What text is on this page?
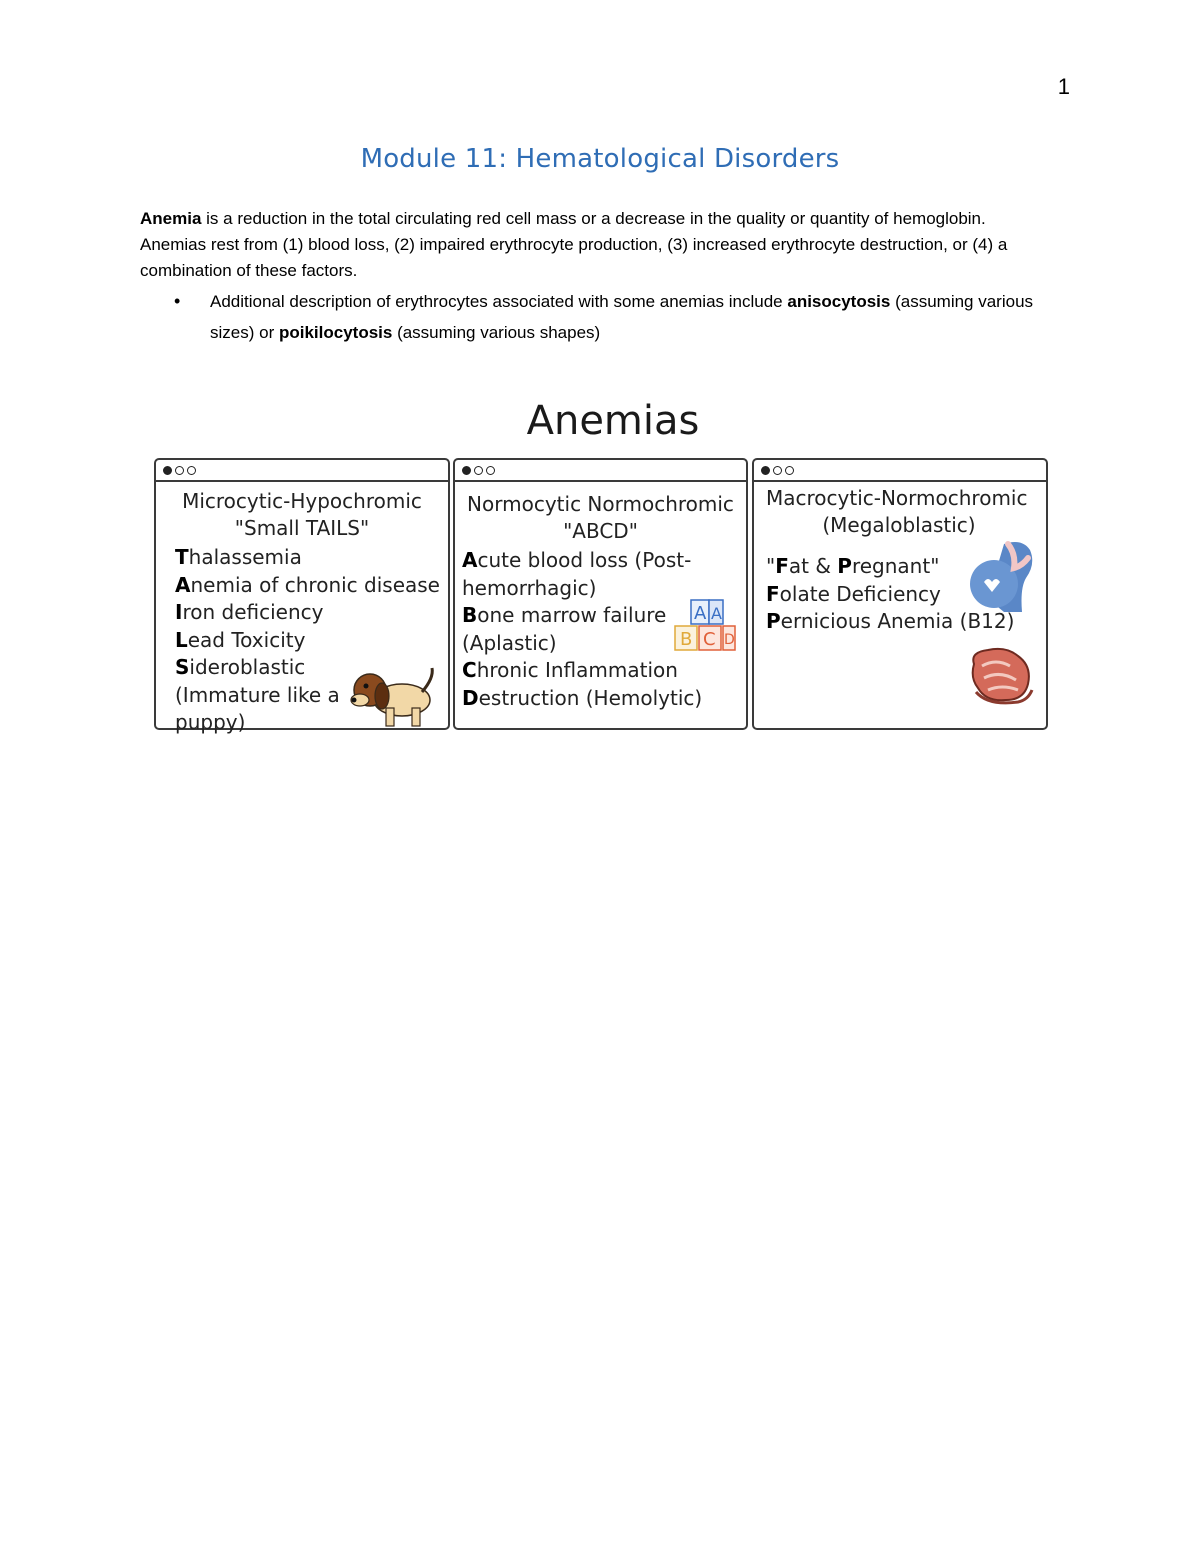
1
Module 11: Hematological Disorders
Anemia is a reduction in the total circulating red cell mass or a decrease in the quality or quantity of hemoglobin. Anemias rest from (1) blood loss, (2) impaired erythrocyte production, (3) increased erythrocyte destruction, or (4) a combination of these factors.
• Additional description of erythrocytes associated with some anemias include anisocytosis (assuming various sizes) or poikilocytosis (assuming various shapes)
Anemias
Microcytic-Hypochromic
"Small TAILS"
Thalassemia
Anemia of chronic disease
Iron deficiency
Lead Toxicity
Sideroblastic (Immature like a puppy)
Normocytic Normochromic
"ABCD"
Acute blood loss (Post-hemorrhagic)
Bone marrow failure (Aplastic)
Chronic Inflammation
Destruction (Hemolytic)
A A
B C D
Macrocytic-Normochromic
(Megaloblastic)
"Fat & Pregnant"
Folate Deficiency
Pernicious Anemia (B12)
